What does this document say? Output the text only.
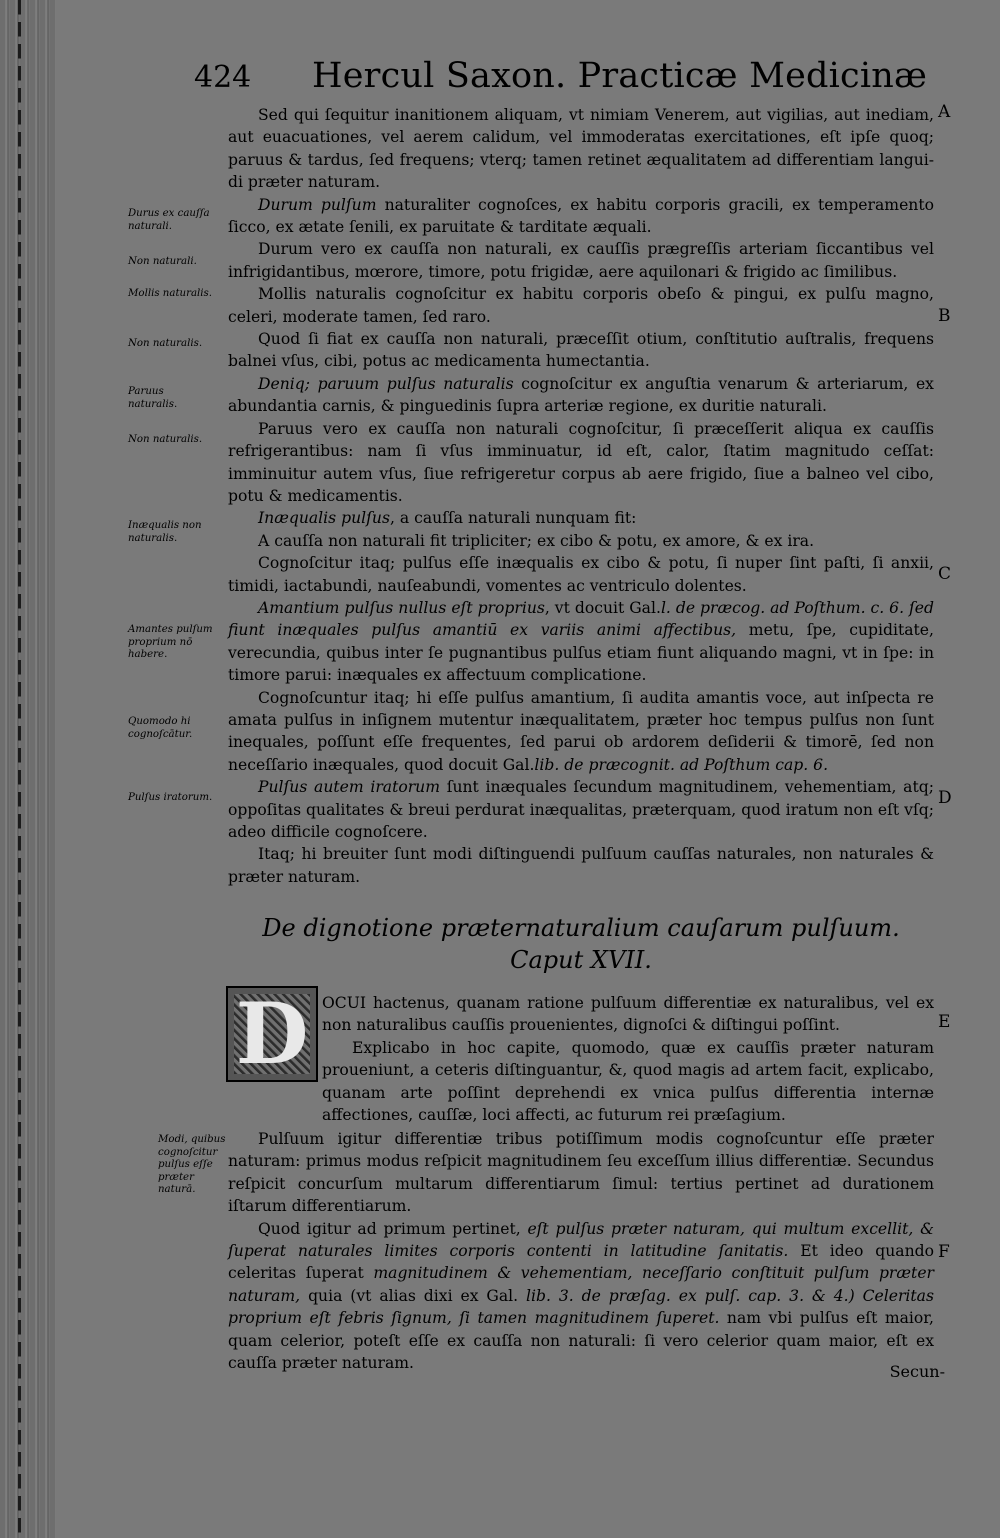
424 Hercul Saxon. Practicæ Medicinæ

Sed qui ſequitur inanitionem aliquam, vt nimiam Venerem, aut vigilias, aut inediam, aut euacuationes, vel aerem calidum, vel immoderatas exercitationes, eſt ipſe quoq; paruus & tardus, ſed frequens; vterq; tamen retinet æqualitatem ad differentiam langui- di præter naturam.

Durum pulſum naturaliter cognoſces, ex habitu corporis gracili, ex temperamento ſicco, ex ætate ſenili, ex paruitate & tarditate æquali.

Durum vero ex cauſſa non naturali, ex cauſſis prægreſſis arteriam ſiccantibus vel infrigidantibus, mœrore, timore, potu frigidæ, aere aquilonari & frigido ac ſimilibus.

Mollis naturalis cognoſcitur ex habitu corporis obeſo & pingui, ex pulſu magno, celeri, moderate tamen, ſed raro.

Quod ſi fiat ex cauſſa non naturali, præceſſit otium, conſtitutio auſtralis, frequens balnei vſus, cibi, potus ac medicamenta humectantia.

Deniq; paruum pulſus naturalis cognoſcitur ex anguſtia venarum & arteriarum, ex abundantia carnis, & pinguedinis ſupra arteriæ regione, ex duritie naturali.

Paruus vero ex cauſſa non naturali cognoſcitur, ſi præceſſerit aliqua ex cauſſis refrigerantibus: nam ſi vſus imminuatur, id eſt, calor, ſtatim magnitudo ceſſat: imminuitur autem vſus, ſiue refrigeretur corpus ab aere frigido, ſiue a balneo vel cibo, potu & medicamentis.

Inæqualis pulſus, a cauſſa naturali nunquam fit:

A cauſſa non naturali fit tripliciter; ex cibo & potu, ex amore, & ex ira.

Cognoſcitur itaq; pulſus eſſe inæqualis ex cibo & potu, ſi nuper ſint paſti, ſi anxii, timidi, iactabundi, nauſeabundi, vomentes ac ventriculo dolentes.

Amantium pulſus nullus eſt proprius, vt docuit Gal.l. de præcog. ad Poſthum. c. 6. ſed fiunt inæquales pulſus amantiū ex variis animi affectibus, metu, ſpe, cupiditate, verecundia, quibus inter ſe pugnantibus pulſus etiam fiunt aliquando magni, vt in ſpe: in timore parui: inæquales ex affectuum complicatione.

Cognoſcuntur itaq; hi eſſe pulſus amantium, ſi audita amantis voce, aut inſpecta re amata pulſus in inſignem mutentur inæqualitatem, præter hoc tempus pulſus non ſunt inequales, poſſunt eſſe frequentes, ſed parui ob ardorem deſiderii & timorē, ſed non neceſſario inæquales, quod docuit Gal.lib. de præcognit. ad Poſthum cap. 6.

Pulſus autem iratorum ſunt inæquales ſecundum magnitudinem, vehementiam, atq; oppoſitas qualitates & breui perdurat inæqualitas, præterquam, quod iratum non eſt vſq; adeo difficile cognoſcere.

Itaq; hi breuiter ſunt modi diſtinguendi pulſuum cauſſas naturales, non naturales & præter naturam.

Durus ex cauſſa naturali.
Non naturali.
Mollis naturalis.
Non naturalis.
Paruus naturalis.
Non naturalis.
Inæqualis non naturalis.
Amantes pulſum proprium nō habere.
Quomodo hi cognoſcātur.
Pulſus iratorum.
Modi, quibus cognoſcitur pulſus eſſe præter naturā.
A
B
C
D
E
F
De dignotione præternaturalium cauſarum pulſuum.
Caput XVII.
D OCUI hactenus, quanam ratione pulſuum differentiæ ex naturalibus, vel ex non naturalibus cauſſis prouenientes, dignoſci & diſtingui poſſint.

Explicabo in hoc capite, quomodo, quæ ex cauſſis præter naturam proueniunt, a ceteris diſtinguantur, &, quod magis ad artem facit, explicabo, quanam arte poſſint deprehendi ex vnica pulſus differentia internæ affectiones, cauſſæ, loci affecti, ac futurum rei præſagium.

Pulſuum igitur differentiæ tribus potiſſimum modis cognoſcuntur eſſe præter naturam: primus modus reſpicit magnitudinem ſeu exceſſum illius differentiæ. Secundus reſpicit concurſum multarum differentiarum ſimul: tertius pertinet ad durationem iſtarum differentiarum.

Quod igitur ad primum pertinet, eſt pulſus præter naturam, qui multum excellit, & ſuperat naturales limites corporis contenti in latitudine ſanitatis. Et ideo quando celeritas ſuperat magnitudinem & vehementiam, neceſſario conſtituit pulſum præter naturam, quia (vt alias dixi ex Gal. lib. 3. de præſag. ex pulſ. cap. 3. & 4.) Celeritas proprium eſt febris ſignum, ſi tamen magnitudinem ſuperet. nam vbi pulſus eſt maior, quam celerior, poteſt eſſe ex cauſſa non naturali: ſi vero celerior quam maior, eſt ex cauſſa præter naturam.	Secun-
